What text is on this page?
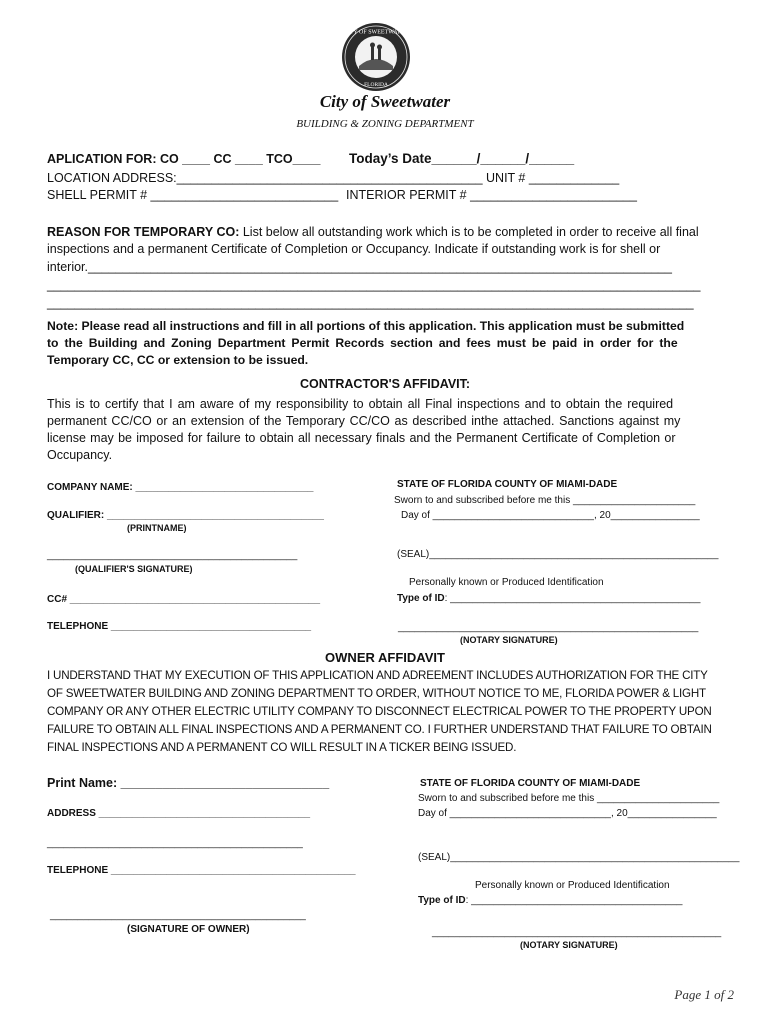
CITY OF SWEETWATER
FLORIDA
City of Sweetwater
BUILDING & ZONING DEPARTMENT
APLICATION FOR: CO ____ CC ____ TCO____ Today’s Date______/______/______
LOCATION ADDRESS:____________________________________________ UNIT # _____________
SHELL PERMIT # ___________________________ INTERIOR PERMIT # ________________________
REASON FOR TEMPORARY CO: List below all outstanding work which is to be completed in order to receive all final
inspections and a permanent Certificate of Completion or Occupancy. Indicate if outstanding work is for shell or
interior.____________________________________________________________________________________
______________________________________________________________________________________________
_____________________________________________________________________________________________
Note: Please read all instructions and fill in all portions of this application. This application must be submitted
to the Building and Zoning Department Permit Records section and fees must be paid in order for the
Temporary CC, CC or extension to be issued.
CONTRACTOR'S AFFIDAVIT:
This is to certify that I am aware of my responsibility to obtain all Final inspections and to obtain the required
permanent CC/CO or an extension of the Temporary CC/CO as described inthe attached. Sanctions against my
license may be imposed for failure to obtain all necessary finals and the Permanent Certificate of Completion or
Occupancy.
COMPANY NAME: ________________________________
QUALIFIER: _______________________________________
(PRINTNAME)
_____________________________________________
(QUALIFIER'S SIGNATURE)
CC# _____________________________________________
TELEPHONE ____________________________________
STATE OF FLORIDA COUNTY OF MIAMI-DADE
Sworn to and subscribed before me this ______________________
Day of _____________________________, 20________________
(SEAL)____________________________________________________
Personally known or Produced Identification
Type of ID: _____________________________________________
______________________________________________________
(NOTARY SIGNATURE)
OWNER AFFIDAVIT
I UNDERSTAND THAT MY EXECUTION OF THIS APPLICATION AND ADREEMENT INCLUDES AUTHORIZATION FOR THE CITY
OF SWEETWATER BUILDING AND ZONING DEPARTMENT TO ORDER, WITHOUT NOTICE TO ME, FLORIDA POWER & LIGHT
COMPANY OR ANY OTHER ELECTRIC UTILITY COMPANY TO DISCONNECT ELECTRICAL POWER TO THE PROPERTY UPON
FAILURE TO OBTAIN ALL FINAL INSPECTIONS AND A PERMANENT CO. I FURTHER UNDERSTAND THAT FAILURE TO OBTAIN
FINAL INSPECTIONS AND A PERMANENT CO WILL RESULT IN A TICKER BEING ISSUED.
Print Name: ______________________________
ADDRESS ______________________________________
______________________________________________
TELEPHONE ____________________________________________
______________________________________________
(SIGNATURE OF OWNER)
STATE OF FLORIDA COUNTY OF MIAMI-DADE
Sworn to and subscribed before me this ______________________
Day of _____________________________, 20________________
(SEAL)____________________________________________________
Personally known or Produced Identification
Type of ID: ______________________________________
____________________________________________________
(NOTARY SIGNATURE)
Page 1 of 2
